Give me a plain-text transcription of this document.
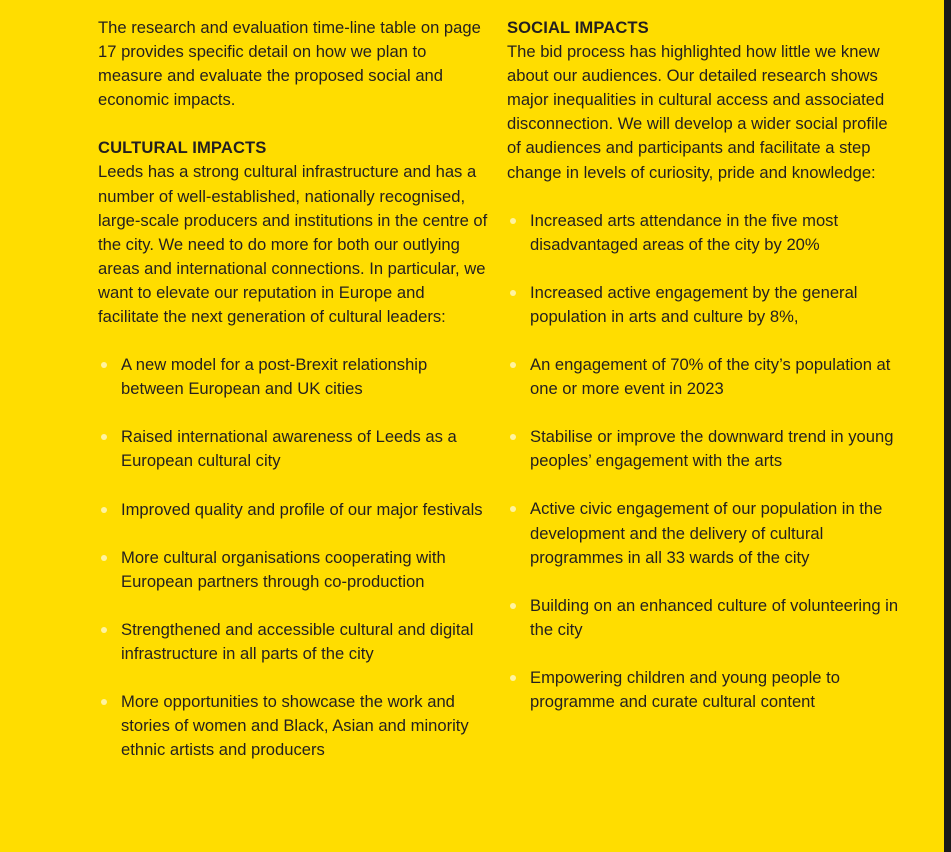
The research and evaluation time-line table on page 17 provides specific detail on how we plan to measure and evaluate the proposed social and economic impacts.

CULTURAL IMPACTS

Leeds has a strong cultural infrastructure and has a number of well-established, nationally recognised, large-scale producers and institutions in the centre of the city. We need to do more for both our outlying areas and international connections. In particular, we want to elevate our reputation in Europe and facilitate the next generation of cultural leaders:

A new model for a post-Brexit relationship between European and UK cities
Raised international awareness of Leeds as a European cultural city
Improved quality and profile of our major festivals
More cultural organisations cooperating with European partners through co-production
Strengthened and accessible cultural and digital infrastructure in all parts of the city
More opportunities to showcase the work and stories of women and Black, Asian and minority ethnic artists and producers

SOCIAL IMPACTS

The bid process has highlighted how little we knew about our audiences. Our detailed research shows major inequalities in cultural access and associated disconnection. We will develop a wider social profile of audiences and participants and facilitate a step change in levels of curiosity, pride and knowledge:

Increased arts attendance in the five most disadvantaged areas of the city by 20%
Increased active engagement by the general population in arts and culture by 8%,
An engagement of 70% of the city’s population at one or more event in 2023
Stabilise or improve the downward trend in young peoples’ engagement with the arts
Active civic engagement of our population in the development and the delivery of cultural programmes in all 33 wards of the city
Building on an enhanced culture of volunteering in the city
Empowering children and young people to programme and curate cultural content
